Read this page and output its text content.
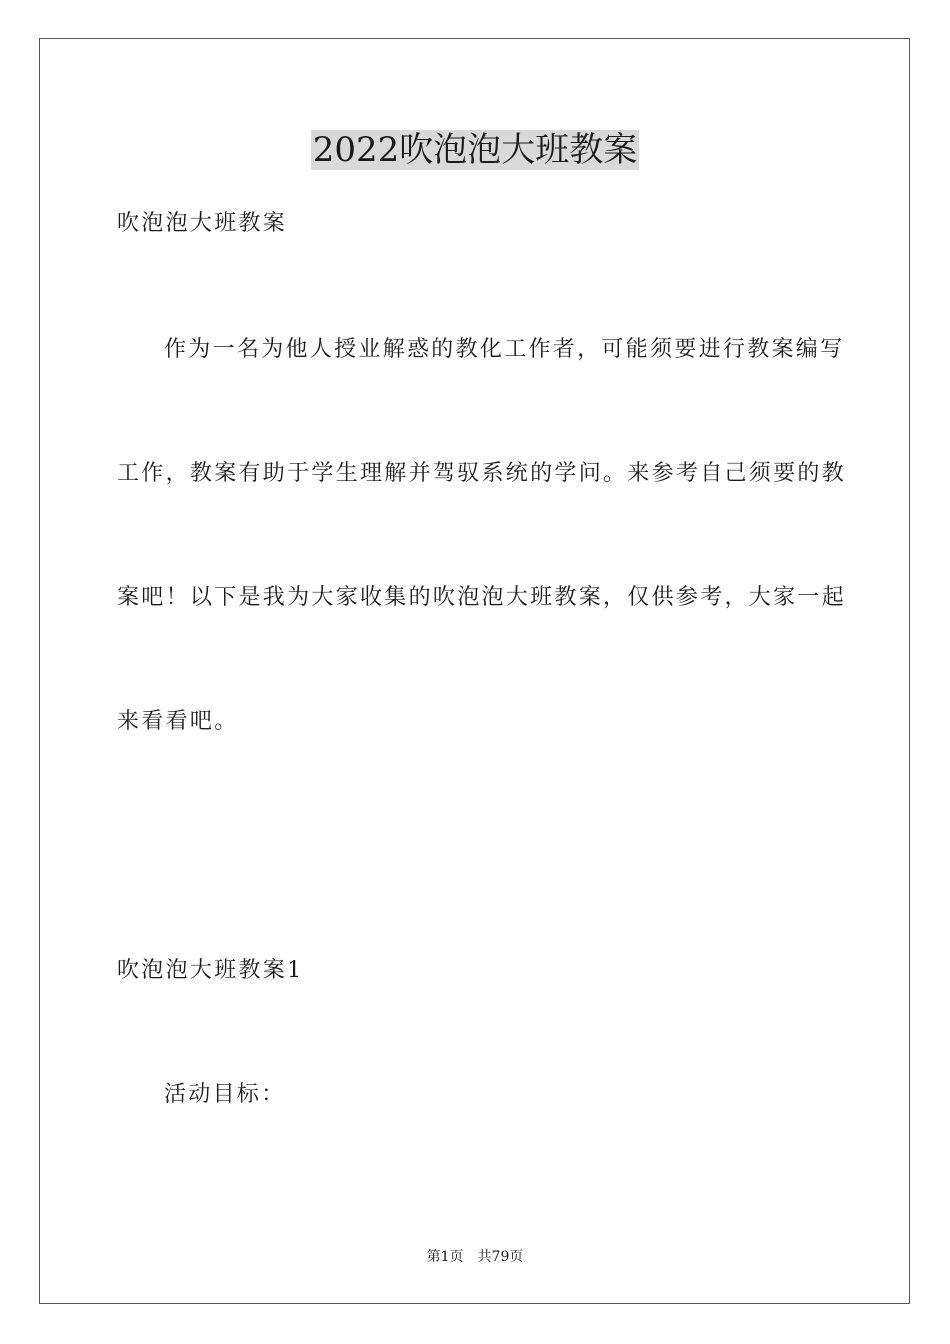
2022吹泡泡大班教案
吹泡泡大班教案
作为一名为他人授业解惑的教化工作者，可能须要进行教案编写
工作，教案有助于学生理解并驾驭系统的学问。来参考自己须要的教
案吧！以下是我为大家收集的吹泡泡大班教案，仅供参考，大家一起
来看看吧。
吹泡泡大班教案1
活动目标：
第1页　共79页
